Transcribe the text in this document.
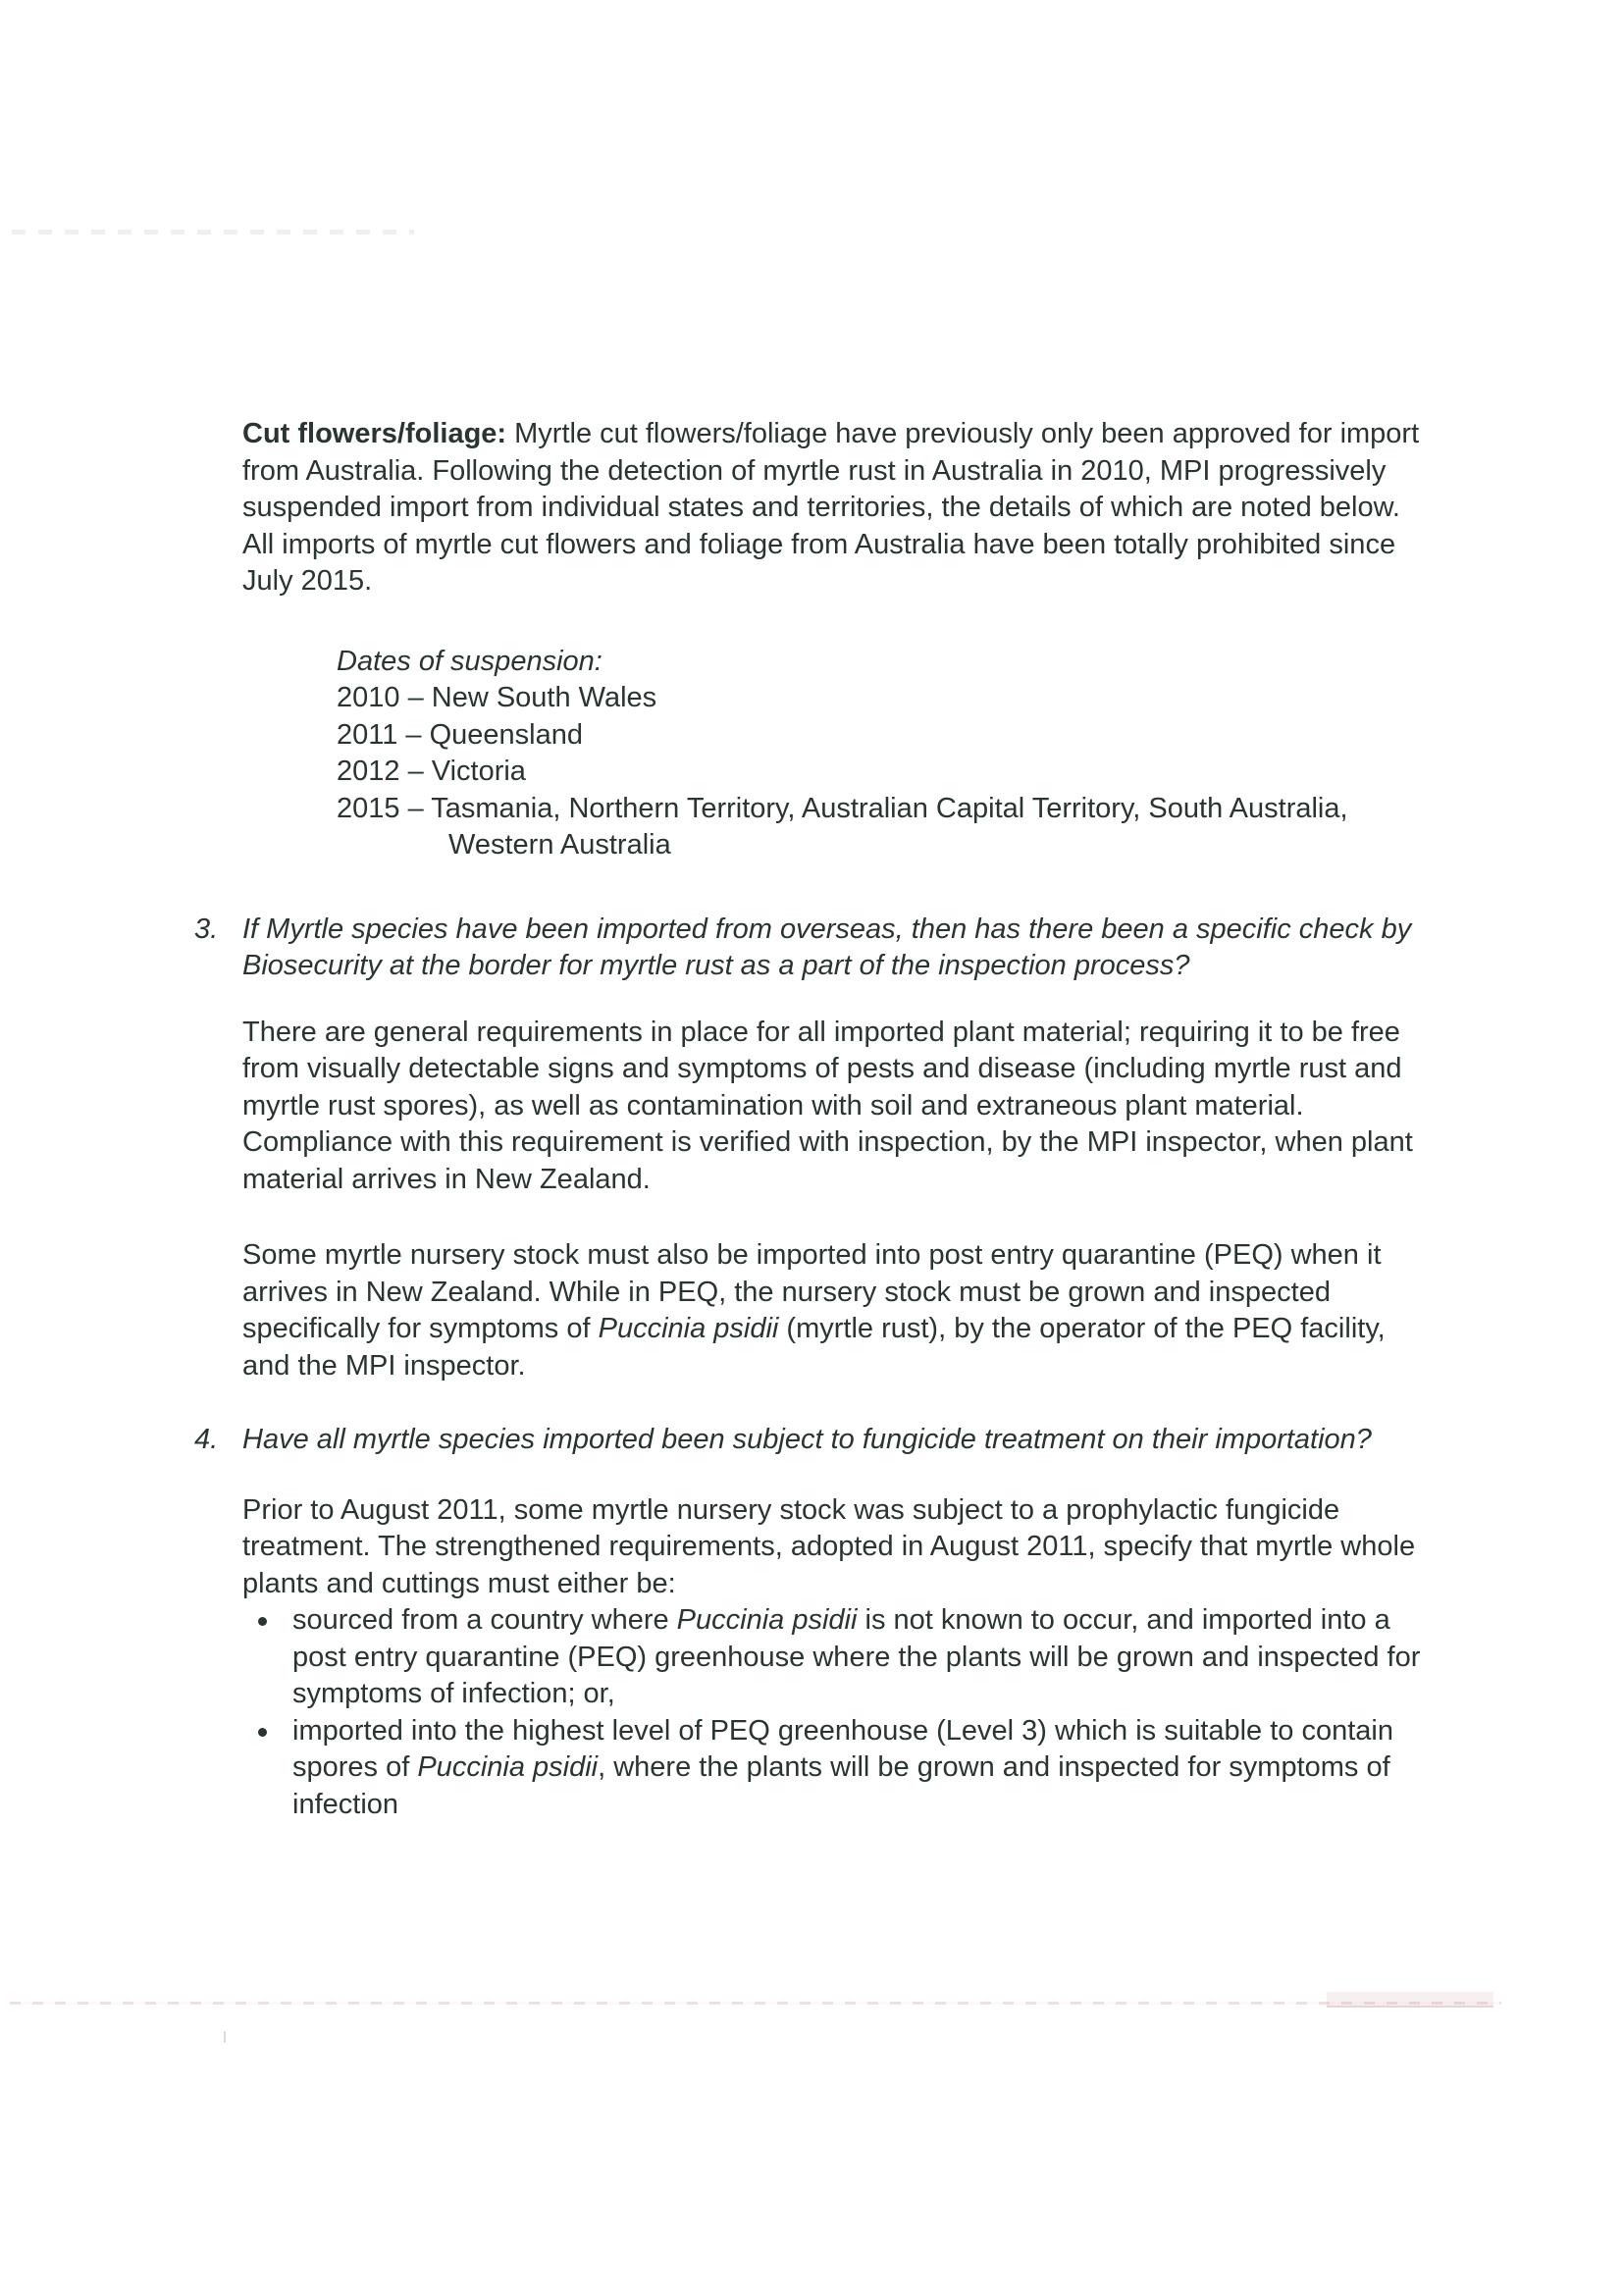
Cut flowers/foliage: Myrtle cut flowers/foliage have previously only been approved for import from Australia. Following the detection of myrtle rust in Australia in 2010, MPI progressively suspended import from individual states and territories, the details of which are noted below. All imports of myrtle cut flowers and foliage from Australia have been totally prohibited since July 2015.

Dates of suspension:
2010 – New South Wales
2011 – Queensland
2012 – Victoria
2015 – Tasmania, Northern Territory, Australian Capital Territory, South Australia, Western Australia
3. If Myrtle species have been imported from overseas, then has there been a specific check by Biosecurity at the border for myrtle rust as a part of the inspection process?

There are general requirements in place for all imported plant material; requiring it to be free from visually detectable signs and symptoms of pests and disease (including myrtle rust and myrtle rust spores), as well as contamination with soil and extraneous plant material. Compliance with this requirement is verified with inspection, by the MPI inspector, when plant material arrives in New Zealand.

Some myrtle nursery stock must also be imported into post entry quarantine (PEQ) when it arrives in New Zealand. While in PEQ, the nursery stock must be grown and inspected specifically for symptoms of Puccinia psidii (myrtle rust), by the operator of the PEQ facility, and the MPI inspector.

4. Have all myrtle species imported been subject to fungicide treatment on their importation?

Prior to August 2011, some myrtle nursery stock was subject to a prophylactic fungicide treatment. The strengthened requirements, adopted in August 2011, specify that myrtle whole plants and cuttings must either be:

sourced from a country where Puccinia psidii is not known to occur, and imported into a post entry quarantine (PEQ) greenhouse where the plants will be grown and inspected for symptoms of infection; or,
imported into the highest level of PEQ greenhouse (Level 3) which is suitable to contain spores of Puccinia psidii, where the plants will be grown and inspected for symptoms of infection
